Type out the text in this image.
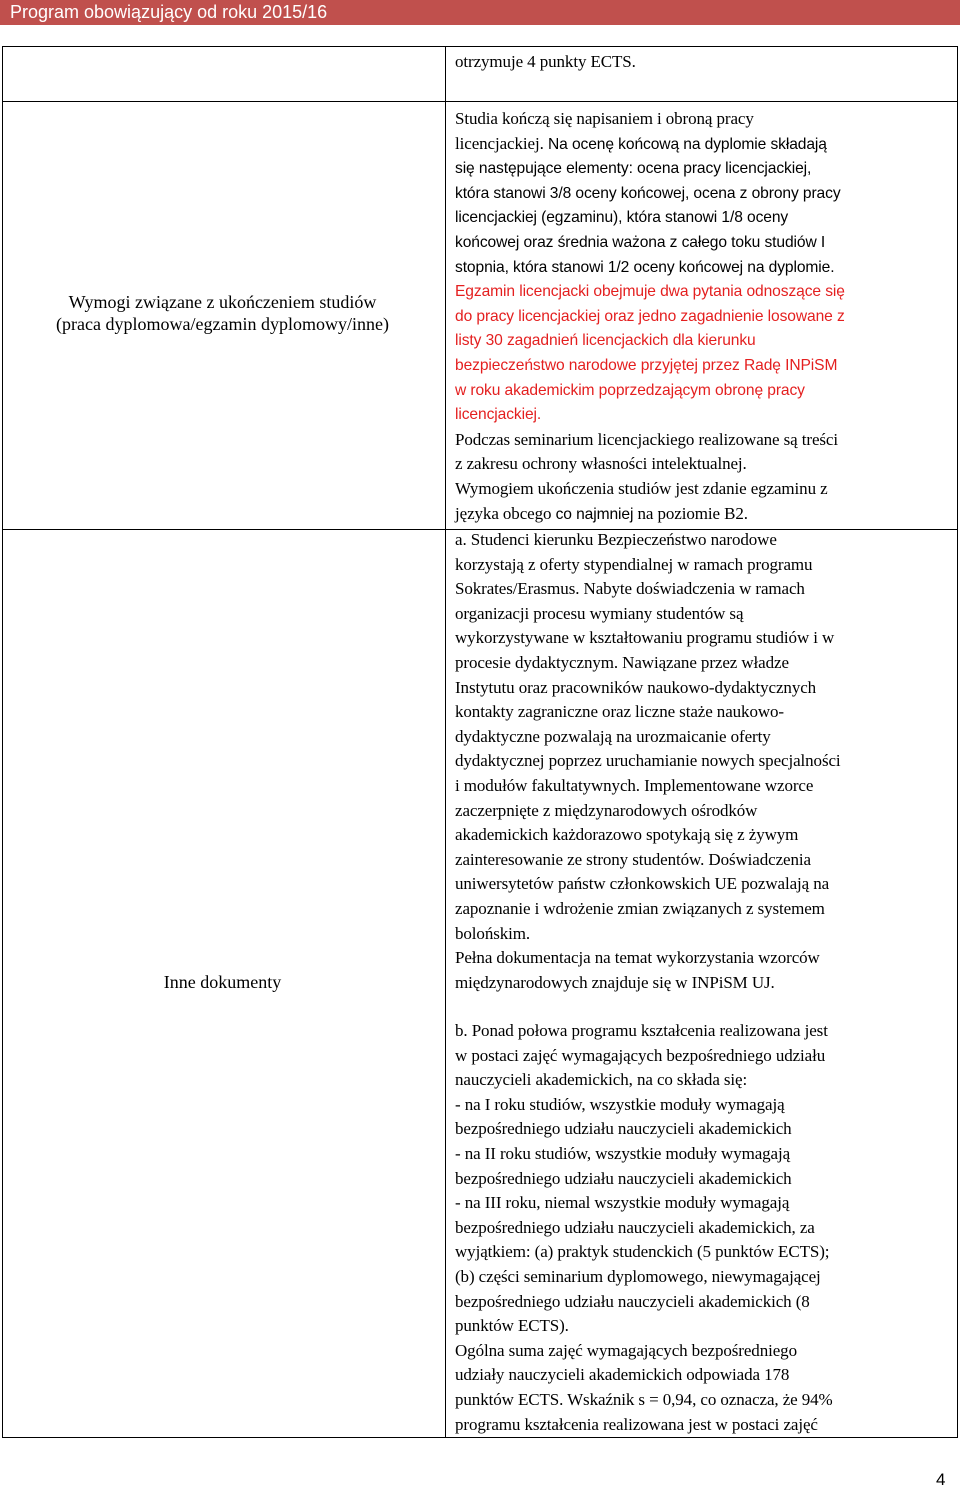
Program obowiązujący od roku 2015/16
Wymogi związane z ukończeniem studiów
(praca dyplomowa/egzamin dyplomowy/inne)
Inne dokumenty

otrzymuje 4 punkty ECTS.

Studia kończą się napisaniem i obroną pracy

licencjackiej. Na ocenę końcową na dyplomie składają

się następujące elementy: ocena pracy licencjackiej,

która stanowi 3/8 oceny końcowej, ocena z obrony pracy

licencjackiej (egzaminu), która stanowi 1/8 oceny

końcowej oraz średnia ważona z całego toku studiów I

stopnia, która stanowi 1/2 oceny końcowej na dyplomie.

Egzamin licencjacki obejmuje dwa pytania odnoszące się

do pracy licencjackiej oraz jedno zagadnienie losowane z

listy 30 zagadnień licencjackich dla kierunku

bezpieczeństwo narodowe przyjętej przez Radę INPiSM

w roku akademickim poprzedzającym obronę pracy

licencjackiej.

Podczas seminarium licencjackiego realizowane są treści

z zakresu ochrony własności intelektualnej.

Wymogiem ukończenia studiów jest zdanie egzaminu z

języka obcego co najmniej na poziomie B2.

a. Studenci kierunku Bezpieczeństwo narodowe

korzystają z oferty stypendialnej w ramach programu

Sokrates/Erasmus. Nabyte doświadczenia w ramach

organizacji procesu wymiany studentów są

wykorzystywane w kształtowaniu programu studiów i w

procesie dydaktycznym. Nawiązane przez władze

Instytutu oraz pracowników naukowo-dydaktycznych

kontakty zagraniczne oraz liczne staże naukowo-

dydaktyczne pozwalają na urozmaicanie oferty

dydaktycznej poprzez uruchamianie nowych specjalności

i modułów fakultatywnych. Implementowane wzorce

zaczerpnięte z międzynarodowych ośrodków

akademickich każdorazowo spotykają się z żywym

zainteresowanie ze strony studentów. Doświadczenia

uniwersytetów państw członkowskich UE pozwalają na

zapoznanie i wdrożenie zmian związanych z systemem

bolońskim.

Pełna dokumentacja na temat wykorzystania wzorców

międzynarodowych znajduje się w INPiSM UJ.

b. Ponad połowa programu kształcenia realizowana jest

w postaci zajęć wymagających bezpośredniego udziału

nauczycieli akademickich, na co składa się:

- na I roku studiów, wszystkie moduły wymagają

bezpośredniego udziału nauczycieli akademickich

- na II roku studiów, wszystkie moduły wymagają

bezpośredniego udziału nauczycieli akademickich

- na III roku, niemal wszystkie moduły wymagają

bezpośredniego udziału nauczycieli akademickich, za

wyjątkiem: (a) praktyk studenckich (5 punktów ECTS);

(b) części seminarium dyplomowego, niewymagającej

bezpośredniego udziału nauczycieli akademickich (8

punktów ECTS).

Ogólna suma zajęć wymagających bezpośredniego

udziały nauczycieli akademickich odpowiada 178

punktów ECTS. Wskaźnik s = 0,94, co oznacza, że 94%

programu kształcenia realizowana jest w postaci zajęć

4
